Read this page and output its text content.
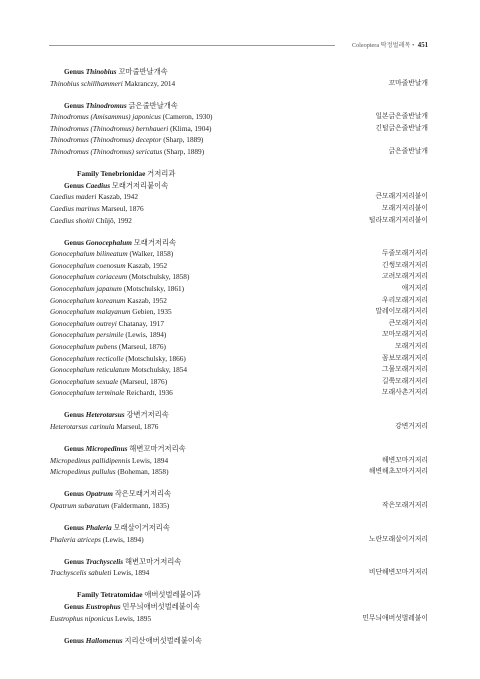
Coleoptera 딱정벌레목 • 451
Genus Thinobius 꼬마줄반날개속
Thinobius schillhammeri Makranczy, 2014	꼬마줄반날개
Genus Thinodromus 긁은줄반날개속
Thinodromus (Amisammus) japonicus (Cameron, 1930)	일본긁은줄반날개
Thinodromus (Thinodromus) bernhaueri (Klima, 1904)	긴털긁은줄반날개
Thinodromus (Thinodromus) deceptor (Sharp, 1889)
Thinodromus (Thinodromus) sericatus (Sharp, 1889)	긁은줄반날개
Family Tenebrionidae 거저리과
Genus Caedius 모래거저리붙이속
Caedius maderi Kaszab, 1942	큰모래거저리붙이
Caedius marinus Marseul, 1876	모래거저리붙이
Caedius shoitii Chûjô, 1992	털라모래거저리붙이
Genus Gonocephalum 모래거저리속
Gonocephalum bilineatum (Walker, 1858)	두줄모래거저리
Gonocephalum coenosum Kaszab, 1952	긴썽모래거저리
Gonocephalum coriaceum (Motschulsky, 1858)	고려모래거저리
Gonocephalum japanum (Motschulsky, 1861)	애거저리
Gonocephalum koreanum Kaszab, 1952	우리모래거저리
Gonocephalum malayanum Gebien, 1935	말레이모래거저리
Gonocephalum outreyi Chatanay, 1917	큰모래거저리
Gonocephalum persimile (Lewis, 1894)	꼬마모래거저리
Gonocephalum pubens (Marseul, 1876)	모래거저리
Gonocephalum recticolle (Motschulsky, 1866)	꼼보모래거저리
Gonocephalum reticulatum Motschulsky, 1854	그물모래거저리
Gonocephalum sexuale (Marseul, 1876)	길쭉모래거저리
Gonocephalum terminale Reichardt, 1936	모래사촌거저리
Genus Heterotarsus 강변거저리속
Heterotarsus carinula Marseul, 1876	강변거저리
Genus Micropedinus 해변꼬마거저리속
Micropedinus pallidipennis Lewis, 1894	해변꼬마거저리
Micropedinus pullulus (Boheman, 1858)	해변해초꼬마거저리
Genus Opatrum 작은모래거저리속
Opatrum subaratum (Faldermann, 1835)	작은모래거저리
Genus Phaleria 모래살이거저리속
Phaleria atriceps (Lewis, 1894)	노란모래살이거저리
Genus Trachyscelis 해변꼬마거저리속
Trachyscelis sabuleti Lewis, 1894	비단해변꼬마거저리
Family Tetratomidae 애버섯벌레붙이과
Genus Eustrophus 민무늬애버섯벌레붙이속
Eustrophus niponicus Lewis, 1895	민무늬애버섯벌레붙이
Genus Hallomenus 지리산애버섯벌레붙이속
